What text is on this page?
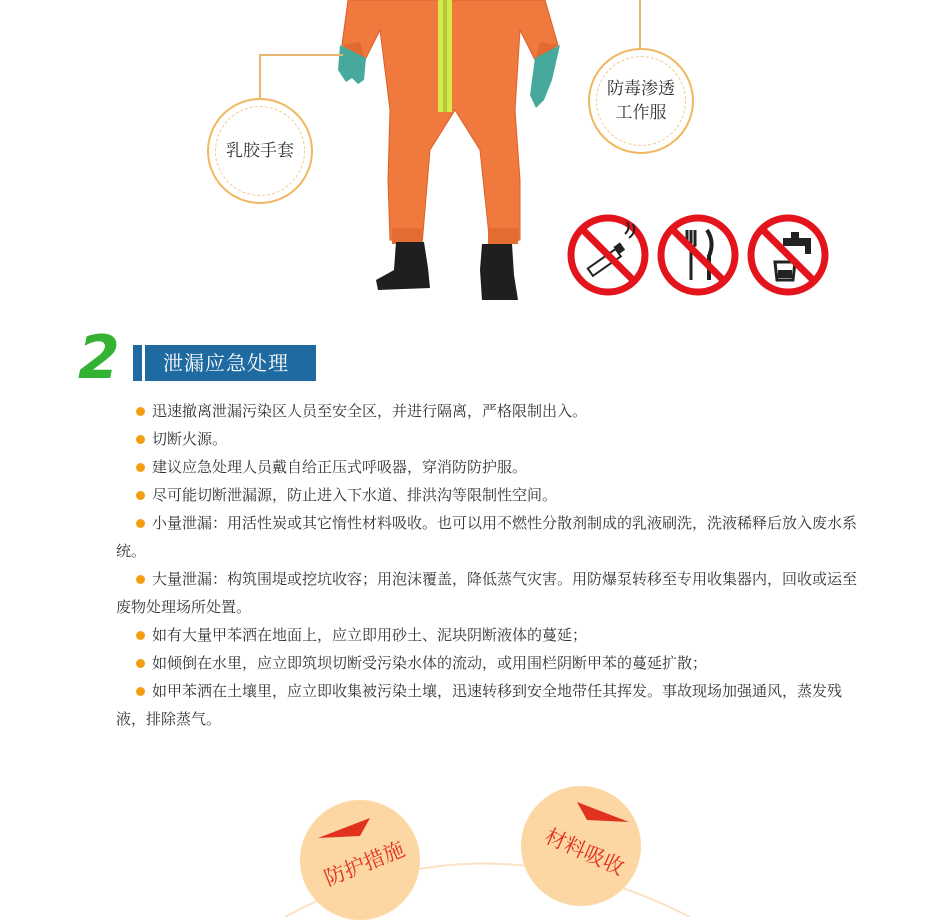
乳胶手套
防毒渗透
工作服
2	泄漏应急处理

迅速撤离泄漏污染区人员至安全区，并进行隔离，严格限制出入。

切断火源。

建议应急处理人员戴自给正压式呼吸器，穿消防防护服。

尽可能切断泄漏源，防止进入下水道、排洪沟等限制性空间。

小量泄漏：用活性炭或其它惰性材料吸收。也可以用不燃性分散剂制成的乳液刷洗，洗液稀释后放入废水系统。

大量泄漏：构筑围堤或挖坑收容；用泡沫覆盖，降低蒸气灾害。用防爆泵转移至专用收集器内，回收或运至废物处理场所处置。

如有大量甲苯洒在地面上，应立即用砂土、泥块阴断液体的蔓延；

如倾倒在水里，应立即筑坝切断受污染水体的流动，或用围栏阴断甲苯的蔓延扩散；

如甲苯洒在土壤里，应立即收集被污染土壤，迅速转移到安全地带任其挥发。事故现场加强通风，蒸发残液，排除蒸气。

防护措施	材料吸收
